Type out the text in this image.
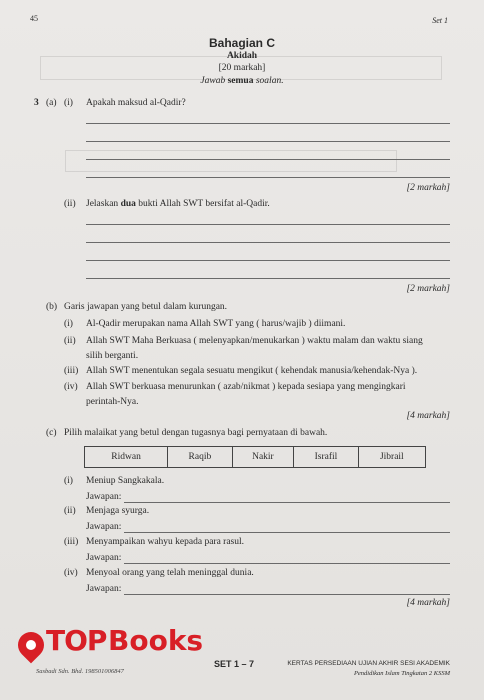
45	Set 1
Bahagian C
Akidah
[20 markah]
Jawab semua soalan.
3 (a) (i) Apakah maksud al-Qadir?
[2 markah]
(ii) Jelaskan dua bukti Allah SWT bersifat al-Qadir.
[2 markah]
(b) Garis jawapan yang betul dalam kurungan.
(i) Al-Qadir merupakan nama Allah SWT yang ( harus/wajib ) diimani.
(ii) Allah SWT Maha Berkuasa ( melenyapkan/menukarkan ) waktu malam dan waktu siang
silih berganti.
(iii) Allah SWT menentukan segala sesuatu mengikut ( kehendak manusia/kehendak-Nya ).
(iv) Allah SWT berkuasa menurunkan ( azab/nikmat ) kepada sesiapa yang mengingkari
perintah-Nya.
[4 markah]
(c) Pilih malaikat yang betul dengan tugasnya bagi pernyataan di bawah.
Ridwan	Raqib	Nakir	Israfil	Jibrail
(i) Meniup Sangkakala.
Jawapan:
(ii) Menjaga syurga.
Jawapan:
(iii) Menyampaikan wahyu kepada para rasul.
Jawapan:
(iv) Menyoal orang yang telah meninggal dunia.
Jawapan:
[4 markah]
TOP Books
Sasbadi Sdn. Bhd. 198501006847
SET 1 – 7	KERTAS PERSEDIAAN UJIAN AKHIR SESI AKADEMIK
Pendidikan Islam Tingkatan 2 KSSM
